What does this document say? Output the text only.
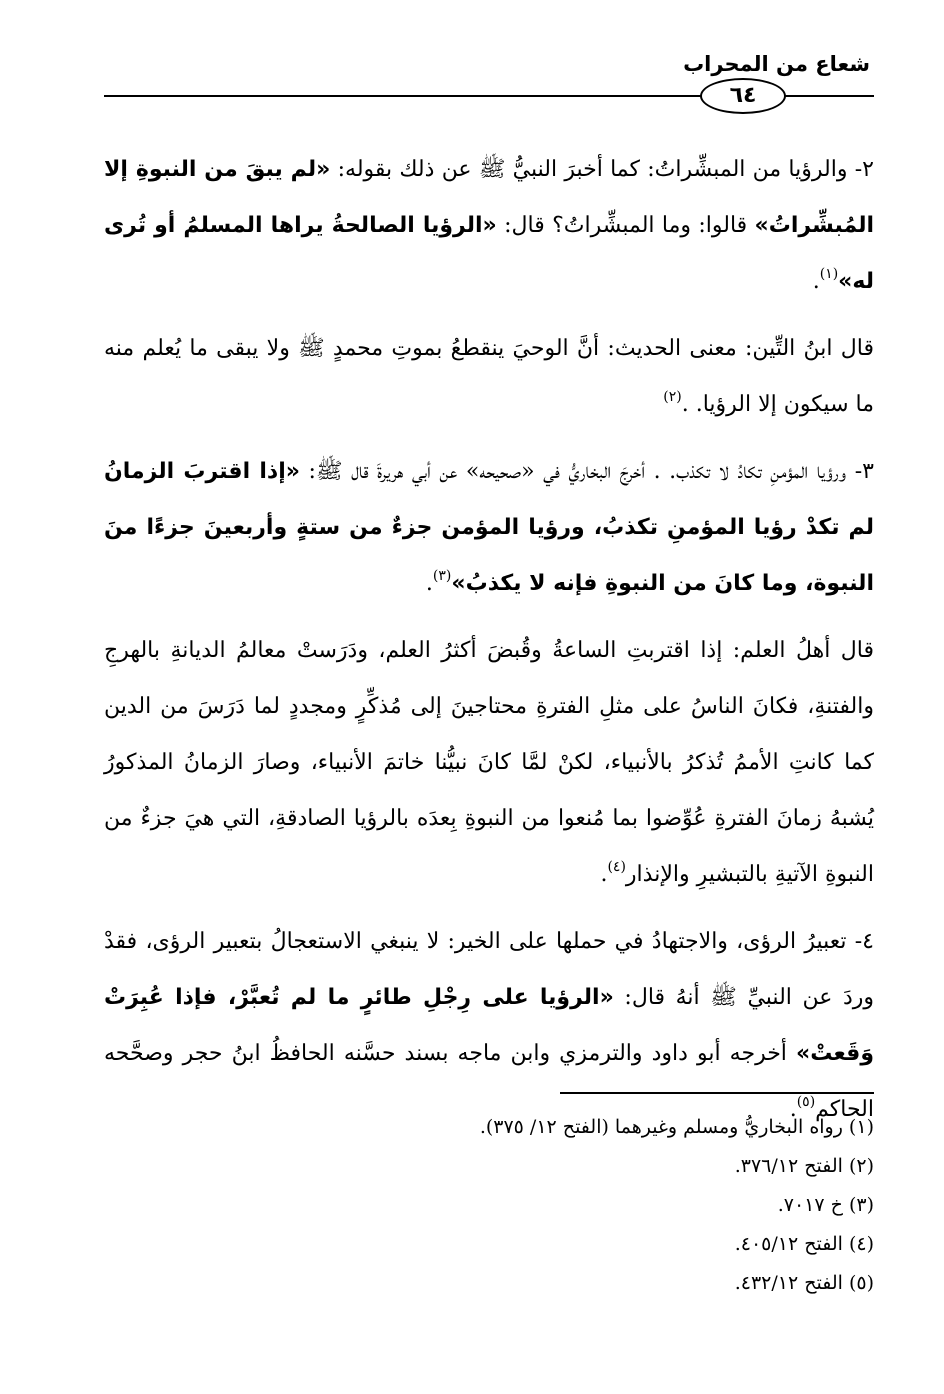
شعاع من المحراب
٦٤

٢- والرؤيا من المبشِّراتُ: كما أخبرَ النبيُّ ﷺ عن ذلك بقوله: «لم يبقَ من النبوةِ إلا المُبشِّراتُ» قالوا: وما المبشِّراتُ؟ قال: «الرؤيا الصالحةُ يراها المسلمُ أو تُرى له»$^{(١)}$.

قال ابنُ التِّين: معنى الحديث: أنَّ الوحيَ ينقطعُ بموتِ محمدٍ ﷺ ولا يبقى ما يُعلم منه ما سيكون إلا الرؤيا. .$^{(٢)}$

٣- ورؤيا المؤمنِ تكادُ لا تكذب. . أخرجَ البخاريُّ في «صحيحه» عن أبي هريرةَ قال ﷺ: «إذا اقتربَ الزمانُ لم تكدْ رؤيا المؤمنِ تكذبُ، ورؤيا المؤمن جزءٌ من ستةٍ وأربعينَ جزءًا منَ النبوة، وما كانَ من النبوةِ فإنه لا يكذبُ»$^{(٣)}$.

قال أهلُ العلم: إذا اقتربتِ الساعةُ وقُبضَ أكثرُ العلم، ودَرَستْ معالمُ الديانةِ بالهرجِ والفتنةِ، فكانَ الناسُ على مثلِ الفترةِ محتاجينَ إلى مُذكِّرٍ ومجددٍ لما دَرَسَ من الدين كما كانتِ الأممُ تُذكرُ بالأنبياء، لكنْ لمَّا كانَ نبيُّنا خاتمَ الأنبياء، وصارَ الزمانُ المذكورُ يُشبهُ زمانَ الفترةِ عُوِّضوا بما مُنعوا من النبوةِ بِعدَه بالرؤيا الصادقةِ، التي هيَ جزءٌ من النبوةِ الآتيةِ بالتبشيرِ والإنذار$^{(٤)}$.

٤- تعبيرُ الرؤى، والاجتهادُ في حملها على الخير: لا ينبغي الاستعجالُ بتعبير الرؤى، فقدْ وردَ عن النبيِّ ﷺ أنهُ قال: «الرؤيا على رِجْلِ طائرٍ ما لم تُعبَّرْ، فإذا عُبِرَتْ وَقَعتْ» أخرجه أبو داود والترمزي وابن ماجه بسند حسَّنه الحافظُ ابنُ حجر وصحَّحه الحاكم$^{(٥)}$.

(١) رواه البخاريُّ ومسلم وغيرهما (الفتح ١٢/ ٣٧٥).
(٢) الفتح ٣٧٦/١٢.
(٣) خ ٧٠١٧.
(٤) الفتح ٤٠٥/١٢.
(٥) الفتح ٤٣٢/١٢.
